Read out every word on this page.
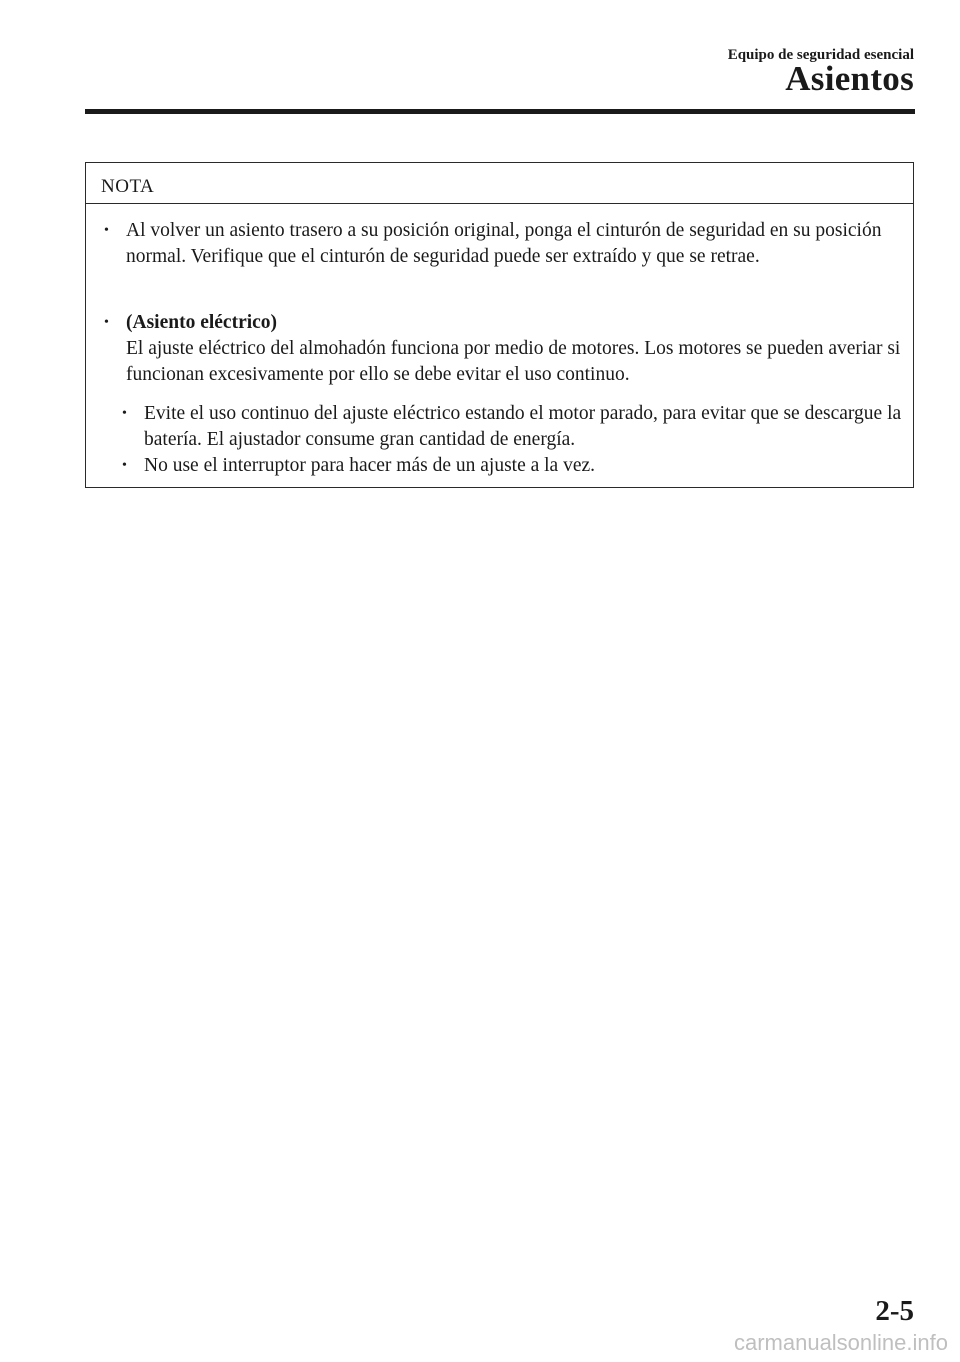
Equipo de seguridad esencial
Asientos
NOTA
• Al volver un asiento trasero a su posición original, ponga el cinturón de seguridad en su posición normal. Verifique que el cinturón de seguridad puede ser extraído y que se retrae.
• (Asiento eléctrico)
El ajuste eléctrico del almohadón funciona por medio de motores. Los motores se pueden averiar si funcionan excesivamente por ello se debe evitar el uso continuo.
• Evite el uso continuo del ajuste eléctrico estando el motor parado, para evitar que se descargue la batería. El ajustador consume gran cantidad de energía.
• No use el interruptor para hacer más de un ajuste a la vez.
2-5
carmanualsonline.info
